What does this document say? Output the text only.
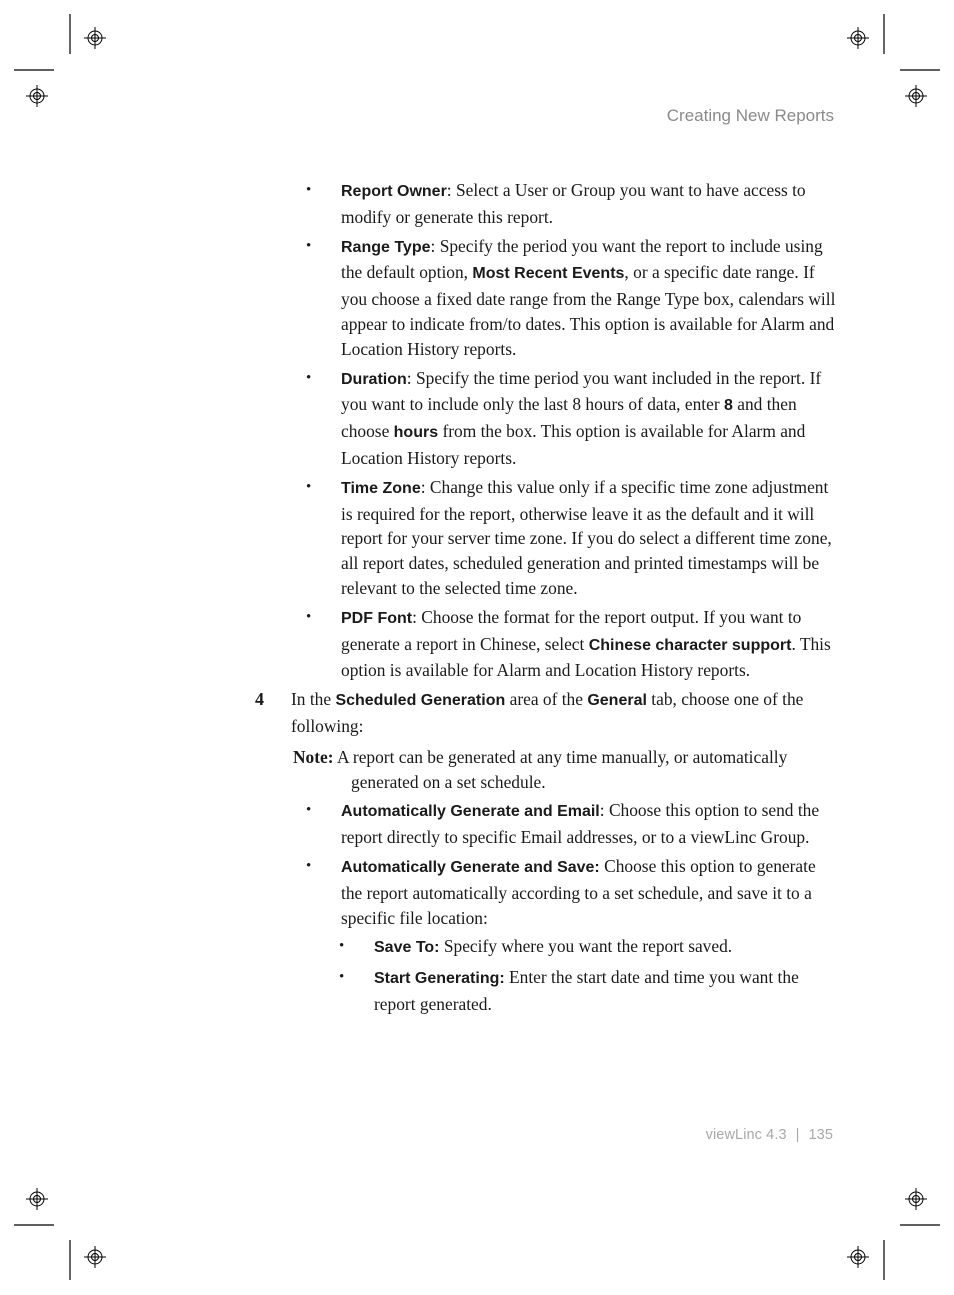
Creating New Reports
• Report Owner: Select a User or Group you want to have access to modify or generate this report.
• Range Type: Specify the period you want the report to include using the default option, Most Recent Events, or a specific date range. If you choose a fixed date range from the Range Type box, calendars will appear to indicate from/to dates. This option is available for Alarm and Location History reports.
• Duration: Specify the time period you want included in the report. If you want to include only the last 8 hours of data, enter 8 and then choose hours from the box. This option is available for Alarm and Location History reports.
• Time Zone: Change this value only if a specific time zone adjustment is required for the report, otherwise leave it as the default and it will report for your server time zone. If you do select a different time zone, all report dates, scheduled generation and printed timestamps will be relevant to the selected time zone.
• PDF Font: Choose the format for the report output. If you want to generate a report in Chinese, select Chinese character support. This option is available for Alarm and Location History reports.
4 In the Scheduled Generation area of the General tab, choose one of the following:
Note: A report can be generated at any time manually, or automatically generated on a set schedule.
• Automatically Generate and Email: Choose this option to send the report directly to specific Email addresses, or to a viewLinc Group.
• Automatically Generate and Save: Choose this option to generate the report automatically according to a set schedule, and save it to a specific file location:
• Save To: Specify where you want the report saved.
• Start Generating: Enter the start date and time you want the report generated.
viewLinc 4.3 | 135
